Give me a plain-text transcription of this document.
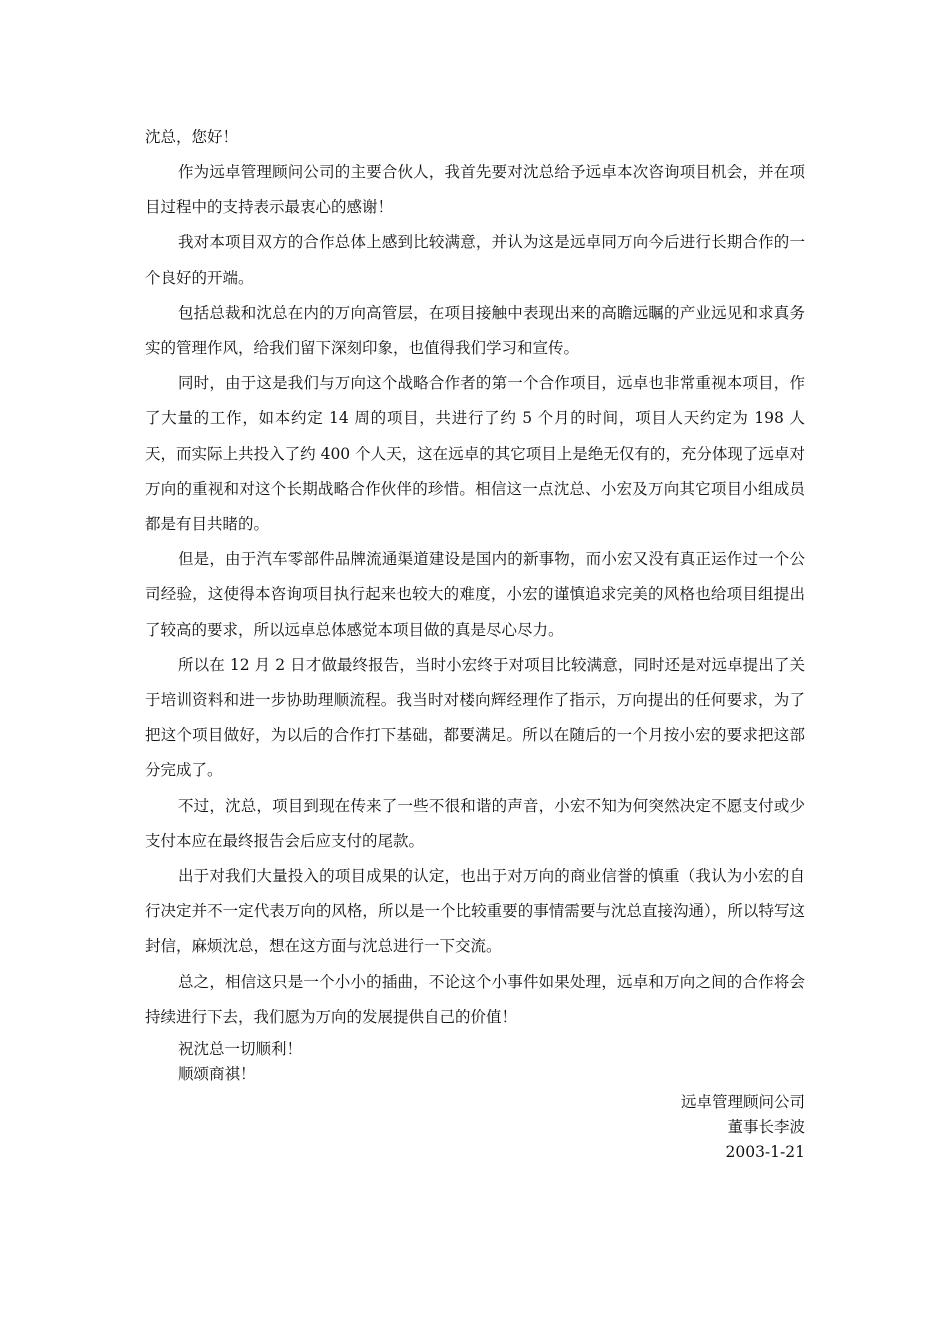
沈总，您好！

作为远卓管理顾问公司的主要合伙人，我首先要对沈总给予远卓本次咨询项目机会，并在项目过程中的支持表示最衷心的感谢！

我对本项目双方的合作总体上感到比较满意，并认为这是远卓同万向今后进行长期合作的一个良好的开端。

包括总裁和沈总在内的万向高管层，在项目接触中表现出来的高瞻远瞩的产业远见和求真务实的管理作风，给我们留下深刻印象，也值得我们学习和宣传。

同时，由于这是我们与万向这个战略合作者的第一个合作项目，远卓也非常重视本项目，作了大量的工作，如本约定 14 周的项目，共进行了约 5 个月的时间，项目人天约定为 198 人天，而实际上共投入了约 400 个人天，这在远卓的其它项目上是绝无仅有的，充分体现了远卓对万向的重视和对这个长期战略合作伙伴的珍惜。相信这一点沈总、小宏及万向其它项目小组成员都是有目共睹的。

但是，由于汽车零部件品牌流通渠道建设是国内的新事物，而小宏又没有真正运作过一个公司经验，这使得本咨询项目执行起来也较大的难度，小宏的谨慎追求完美的风格也给项目组提出了较高的要求，所以远卓总体感觉本项目做的真是尽心尽力。

所以在 12 月 2 日才做最终报告，当时小宏终于对项目比较满意，同时还是对远卓提出了关于培训资料和进一步协助理顺流程。我当时对楼向辉经理作了指示，万向提出的任何要求，为了把这个项目做好，为以后的合作打下基础，都要满足。所以在随后的一个月按小宏的要求把这部分完成了。

不过，沈总，项目到现在传来了一些不很和谐的声音，小宏不知为何突然决定不愿支付或少支付本应在最终报告会后应支付的尾款。

出于对我们大量投入的项目成果的认定，也出于对万向的商业信誉的慎重（我认为小宏的自行决定并不一定代表万向的风格，所以是一个比较重要的事情需要与沈总直接沟通），所以特写这封信，麻烦沈总，想在这方面与沈总进行一下交流。

总之，相信这只是一个小小的插曲，不论这个小事件如果处理，远卓和万向之间的合作将会持续进行下去，我们愿为万向的发展提供自己的价值！

祝沈总一切顺利！

顺颂商祺！

远卓管理顾问公司
董事长李波
2003-1-21
